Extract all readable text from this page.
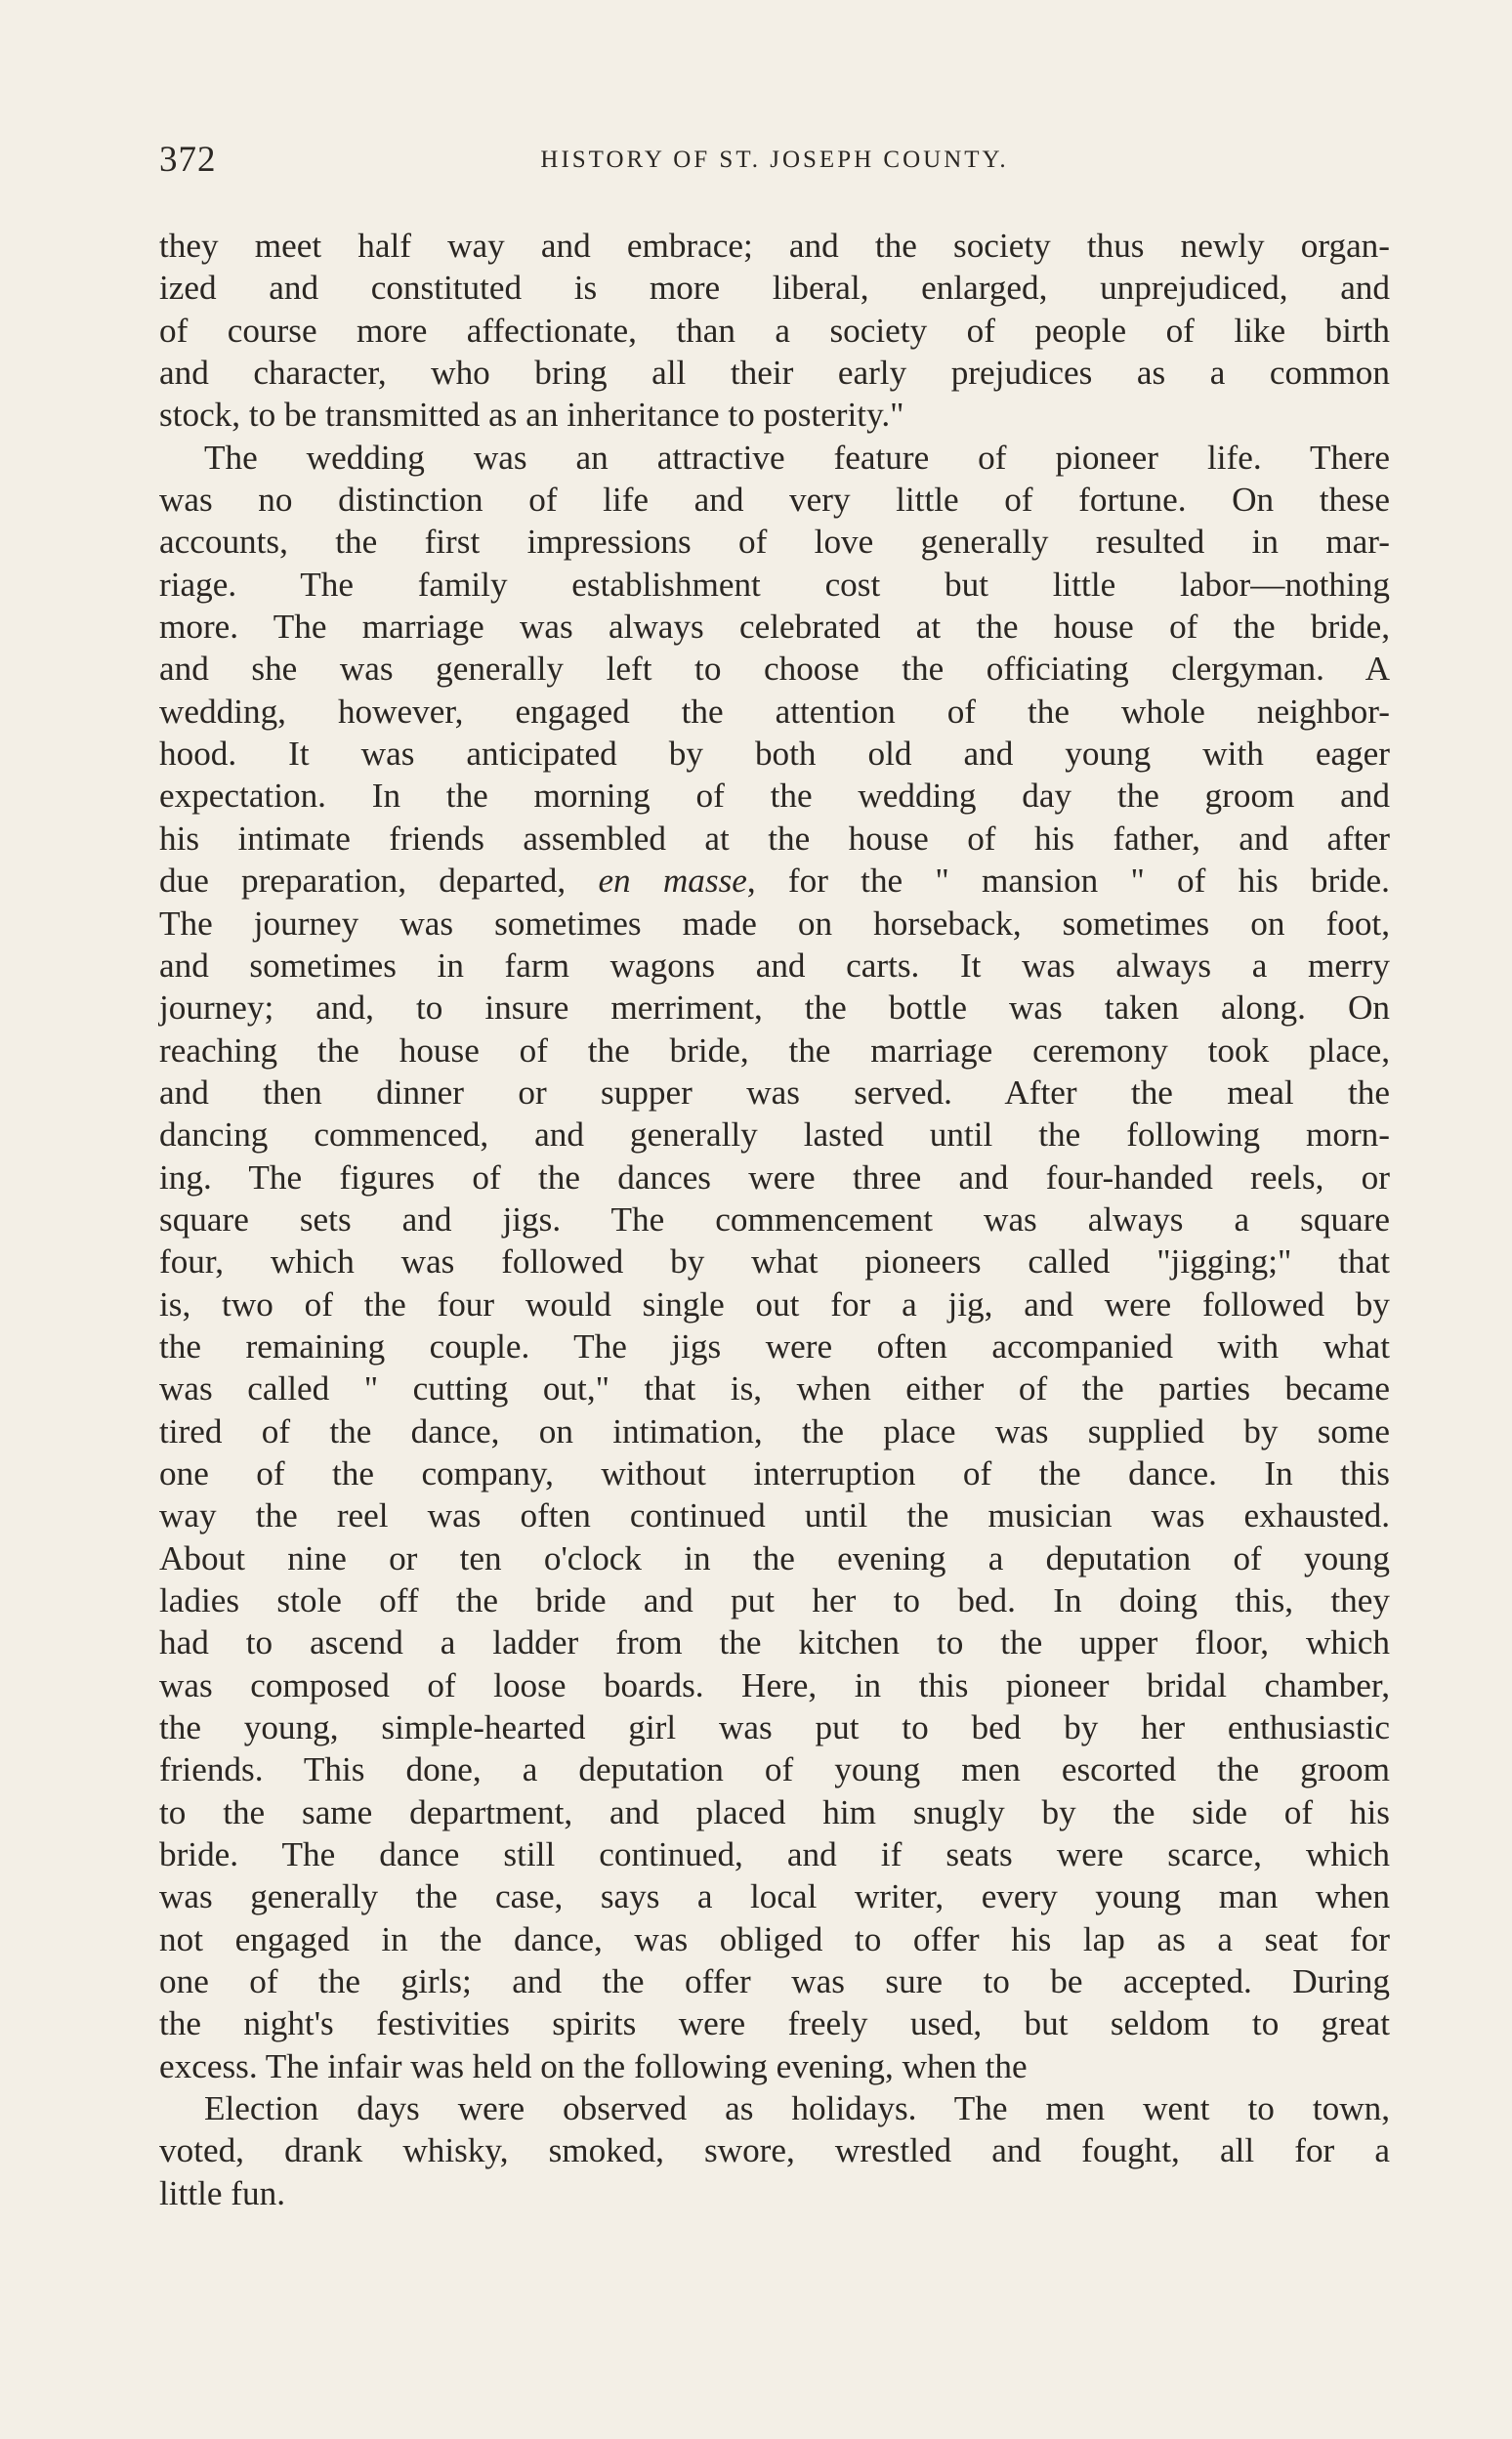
372	HISTORY OF ST. JOSEPH COUNTY.
they meet half way and embrace; and the society thus newly organ-
ized and constituted is more liberal, enlarged, unprejudiced, and
of course more affectionate, than a society of people of like birth
and character, who bring all their early prejudices as a common
stock, to be transmitted as an inheritance to posterity."
The wedding was an attractive feature of pioneer life. There
was no distinction of life and very little of fortune. On these
accounts, the first impressions of love generally resulted in mar-
riage. The family establishment cost but little labor—nothing
more. The marriage was always celebrated at the house of the bride,
and she was generally left to choose the officiating clergyman. A
wedding, however, engaged the attention of the whole neighbor-
hood. It was anticipated by both old and young with eager
expectation. In the morning of the wedding day the groom and
his intimate friends assembled at the house of his father, and after
due preparation, departed, en masse, for the " mansion " of his bride.
The journey was sometimes made on horseback, sometimes on foot,
and sometimes in farm wagons and carts. It was always a merry
journey; and, to insure merriment, the bottle was taken along. On
reaching the house of the bride, the marriage ceremony took place,
and then dinner or supper was served. After the meal the
dancing commenced, and generally lasted until the following morn-
ing. The figures of the dances were three and four-handed reels, or
square sets and jigs. The commencement was always a square
four, which was followed by what pioneers called "jigging;" that
is, two of the four would single out for a jig, and were followed by
the remaining couple. The jigs were often accompanied with what
was called " cutting out," that is, when either of the parties became
tired of the dance, on intimation, the place was supplied by some
one of the company, without interruption of the dance. In this
way the reel was often continued until the musician was exhausted.
About nine or ten o'clock in the evening a deputation of young
ladies stole off the bride and put her to bed. In doing this, they
had to ascend a ladder from the kitchen to the upper floor, which
was composed of loose boards. Here, in this pioneer bridal chamber,
the young, simple-hearted girl was put to bed by her enthusiastic
friends. This done, a deputation of young men escorted the groom
to the same department, and placed him snugly by the side of his
bride. The dance still continued, and if seats were scarce, which
was generally the case, says a local writer, every young man when
not engaged in the dance, was obliged to offer his lap as a seat for
one of the girls; and the offer was sure to be accepted. During
the night's festivities spirits were freely used, but seldom to great
excess. The infair was held on the following evening, when the
Election days were observed as holidays. The men went to town,
voted, drank whisky, smoked, swore, wrestled and fought, all for a
little fun.
